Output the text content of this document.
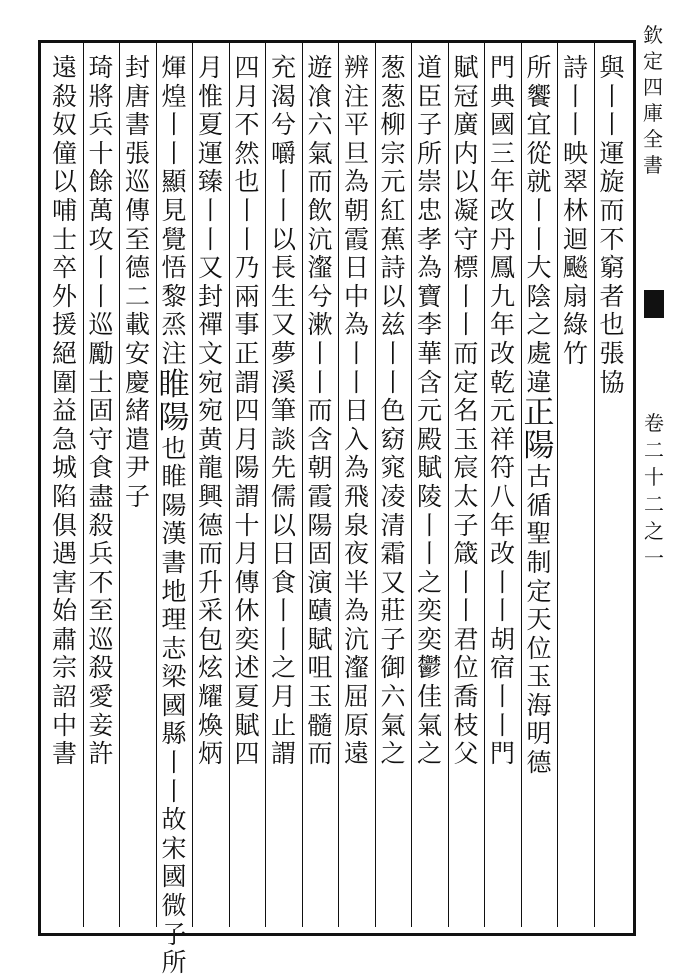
欽
定
四
庫
全
書
卷
二
十
二
之
一
與
丨
丨
運
旋
而
不
窮
者
也
張
協
詩
丨
丨
映
翠
林
迴
飈
扇
綠
竹
所
饗
宜
從
就
丨
丨
大
陰
之
處
違
正
陽
古
循
聖
制
定
天
位
玉
海
明
德
門
典
國
三
年
改
丹
鳳
九
年
改
乾
元
祥
符
八
年
改
丨
丨
胡
宿
丨
丨
門
賦
冠
廣
内
以
凝
守
標
丨
丨
而
定
名
玉
宸
太
子
箴
丨
丨
君
位
喬
枝
父
道
臣
子
所
崇
忠
孝
為
寶
李
華
含
元
殿
賦
陵
丨
丨
之
奕
奕
鬱
佳
氣
之
葱
葱
柳
宗
元
紅
蕉
詩
以
兹
丨
丨
色
窈
窕
凌
清
霜
又
莊
子
御
六
氣
之
辨
注
平
旦
為
朝
霞
日
中
為
丨
丨
日
入
為
飛
泉
夜
半
為
沆
瀣
屈
原
遠
遊
飡
六
氣
而
飲
沆
瀣
兮
漱
丨
丨
而
含
朝
霞
陽
固
演
賾
賦
咀
玉
髓
而
充
渴
兮
嚼
丨
丨
以
長
生
又
夢
溪
筆
談
先
儒
以
日
食
丨
丨
之
月
止
謂
四
月
不
然
也
丨
丨
乃
兩
事
正
謂
四
月
陽
謂
十
月
傳
休
奕
述
夏
賦
四
月
惟
夏
運
臻
丨
丨
又
封
禪
文
宛
宛
黄
龍
興
德
而
升
采
包
炫
耀
煥
炳
煇
煌
丨
丨
顯
見
覺
悟
黎
烝
注
睢
陽
也
睢
陽
漢
書
地
理
志
梁
國
縣
丨
丨
故
宋
國
微
子
所
封
唐
書
張
巡
傳
至
德
二
載
安
慶
緒
遣
尹
子
琦
將
兵
十
餘
萬
攻
丨
丨
巡
勵
士
固
守
食
盡
殺
兵
不
至
巡
殺
愛
妾
許
遠
殺
奴
僮
以
哺
士
卒
外
援
絕
圍
益
急
城
陷
俱
遇
害
始
肅
宗
詔
中
書
